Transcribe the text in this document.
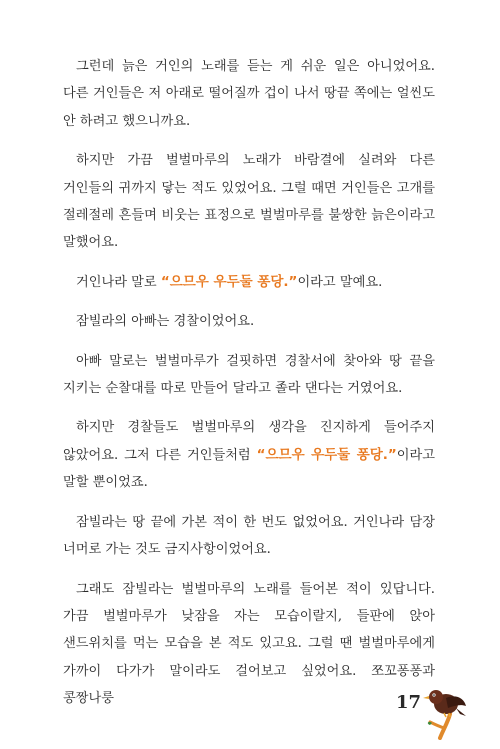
그런데 늙은 거인의 노래를 듣는 게 쉬운 일은 아니었어요. 다른 거인들은 저 아래로 떨어질까 겁이 나서 땅끝 쪽에는 얼씬도 안 하려고 했으니까요.

하지만 가끔 벌벌마루의 노래가 바람결에 실려와 다른 거인들의 귀까지 닿는 적도 있었어요. 그럴 때면 거인들은 고개를 절레절레 흔들며 비웃는 표정으로 벌벌마루를 불쌍한 늙은이라고 말했어요.

거인나라 말로 “으므우 우두둘 퐁당.”이라고 말예요.

잠빌라의 아빠는 경찰이었어요.

아빠 말로는 벌벌마루가 걸핏하면 경찰서에 찾아와 땅 끝을 지키는 순찰대를 따로 만들어 달라고 졸라 댄다는 거였어요.

하지만 경찰들도 벌벌마루의 생각을 진지하게 들어주지 않았어요. 그저 다른 거인들처럼 “으므우 우두둘 퐁당.”이라고 말할 뿐이었죠.

잠빌라는 땅 끝에 가본 적이 한 번도 없었어요. 거인나라 담장 너머로 가는 것도 금지사항이었어요.

그래도 잠빌라는 벌벌마루의 노래를 들어본 적이 있답니다. 가끔 벌벌마루가 낮잠을 자는 모습이랄지, 들판에 앉아 샌드위치를 먹는 모습을 본 적도 있고요. 그럴 땐 벌벌마루에게 가까이 다가가 말이라도 걸어보고 싶었어요. 쪼꼬퐁퐁과 콩짱나룽	17
